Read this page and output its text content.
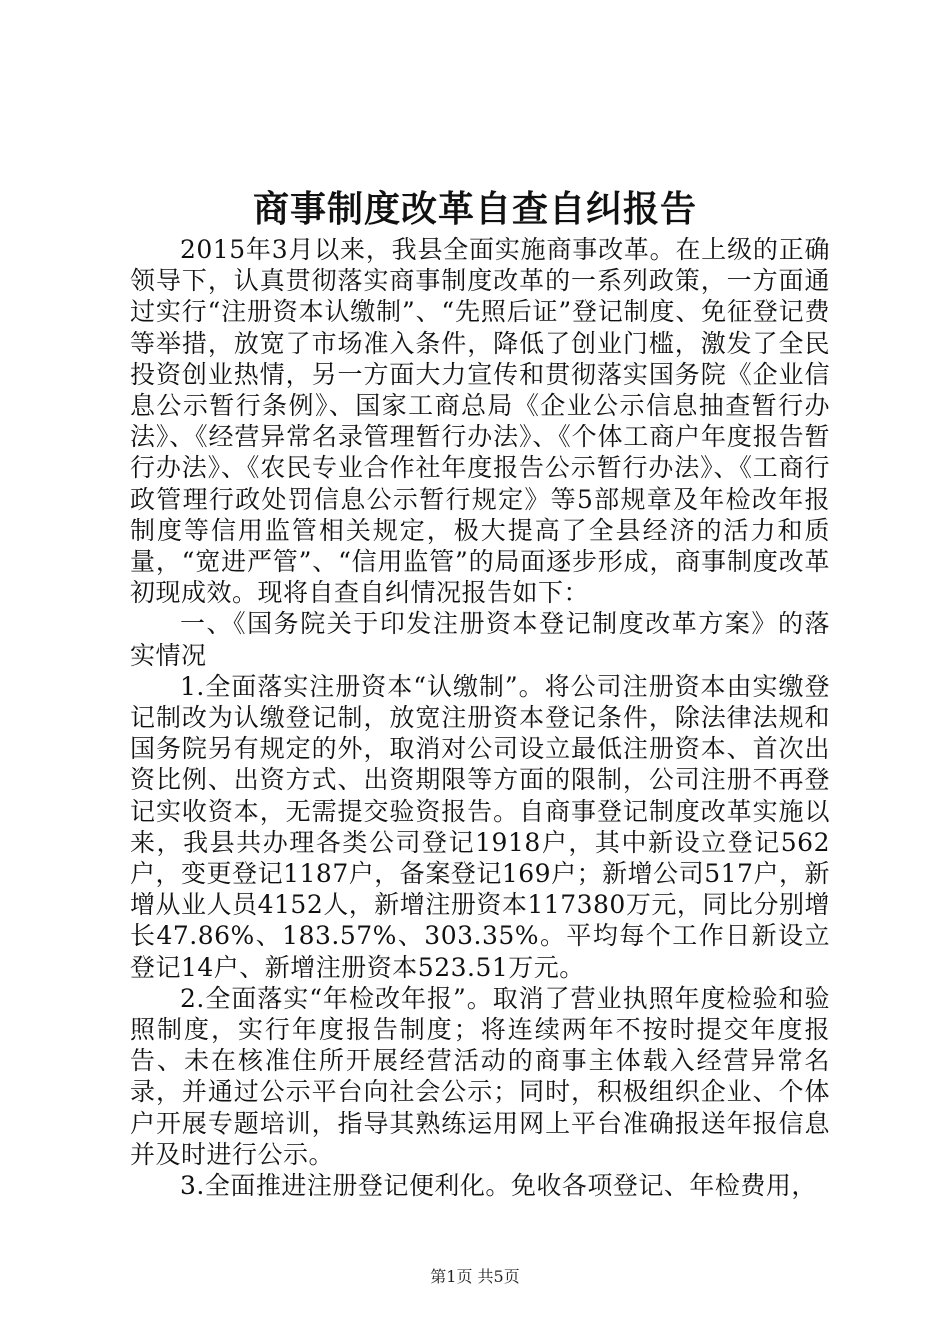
商事制度改革自查自纠报告

2015年3月以来，我县全面实施商事改革。在上级的正确领导下，认真贯彻落实商事制度改革的一系列政策，一方面通过实行“注册资本认缴制”、“先照后证”登记制度、免征登记费等举措，放宽了市场准入条件，降低了创业门槛，激发了全民投资创业热情，另一方面大力宣传和贯彻落实国务院《企业信息公示暂行条例》、国家工商总局《企业公示信息抽查暂行办法》、《经营异常名录管理暂行办法》、《个体工商户年度报告暂行办法》、《农民专业合作社年度报告公示暂行办法》、《工商行政管理行政处罚信息公示暂行规定》等5部规章及年检改年报制度等信用监管相关规定，极大提高了全县经济的活力和质量，“宽进严管”、“信用监管”的局面逐步形成，商事制度改革初现成效。现将自查自纠情况报告如下：

一、《国务院关于印发注册资本登记制度改革方案》的落实情况

1.全面落实注册资本“认缴制”。将公司注册资本由实缴登记制改为认缴登记制，放宽注册资本登记条件，除法律法规和国务院另有规定的外，取消对公司设立最低注册资本、首次出资比例、出资方式、出资期限等方面的限制，公司注册不再登记实收资本，无需提交验资报告。自商事登记制度改革实施以来，我县共办理各类公司登记1918户，其中新设立登记562户，变更登记1187户，备案登记169户；新增公司517户，新增从业人员4152人，新增注册资本117380万元，同比分别增长47.86%、183.57%、303.35%。平均每个工作日新设立登记14户、新增注册资本523.51万元。

2.全面落实“年检改年报”。取消了营业执照年度检验和验照制度，实行年度报告制度；将连续两年不按时提交年度报告、未在核准住所开展经营活动的商事主体载入经营异常名录，并通过公示平台向社会公示；同时，积极组织企业、个体户开展专题培训，指导其熟练运用网上平台准确报送年报信息并及时进行公示。

3.全面推进注册登记便利化。免收各项登记、年检费用，

第1页 共5页
